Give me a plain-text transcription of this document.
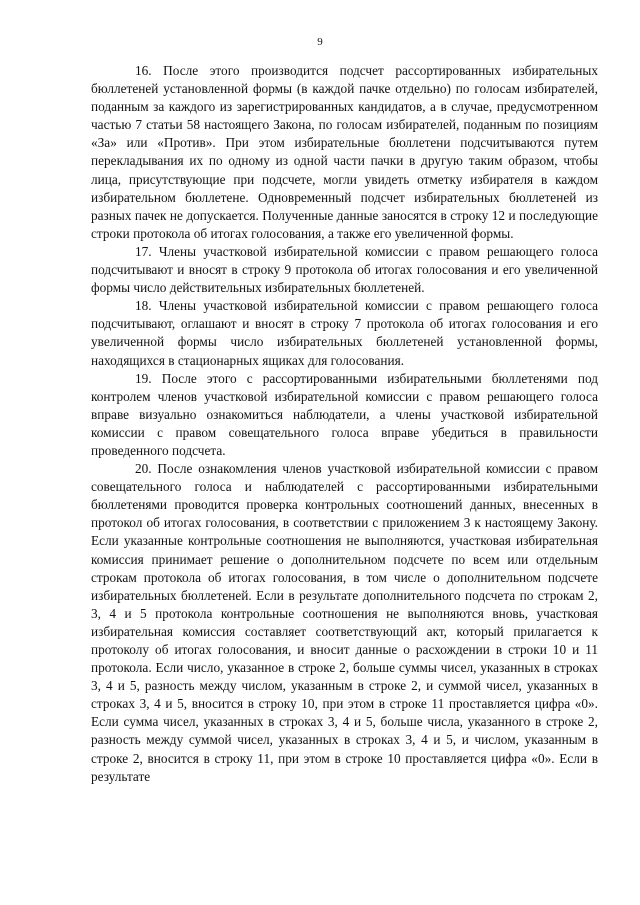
9

16. После этого производится подсчет рассортированных избирательных бюллетеней установленной формы (в каждой пачке отдельно) по голосам избирателей, поданным за каждого из зарегистрированных кандидатов, а в случае, предусмотренном частью 7 статьи 58 настоящего Закона, по голосам избирателей, поданным по позициям «За» или «Против». При этом избирательные бюллетени подсчитываются путем перекладывания их по одному из одной части пачки в другую таким образом, чтобы лица, присутствующие при подсчете, могли увидеть отметку избирателя в каждом избирательном бюллетене. Одновременный подсчет избирательных бюллетеней из разных пачек не допускается. Полученные данные заносятся в строку 12 и последующие строки протокола об итогах голосования, а также его увеличенной формы.

17. Члены участковой избирательной комиссии с правом решающего голоса подсчитывают и вносят в строку 9 протокола об итогах голосования и его увеличенной формы число действительных избирательных бюллетеней.

18. Члены участковой избирательной комиссии с правом решающего голоса подсчитывают, оглашают и вносят в строку 7 протокола об итогах голосования и его увеличенной формы число избирательных бюллетеней установленной формы, находящихся в стационарных ящиках для голосования.

19. После этого с рассортированными избирательными бюллетенями под контролем членов участковой избирательной комиссии с правом решающего голоса вправе визуально ознакомиться наблюдатели, а члены участковой избирательной комиссии с правом совещательного голоса вправе убедиться в правильности проведенного подсчета.

20. После ознакомления членов участковой избирательной комиссии с правом совещательного голоса и наблюдателей с рассортированными избирательными бюллетенями проводится проверка контрольных соотношений данных, внесенных в протокол об итогах голосования, в соответствии с приложением 3 к настоящему Закону. Если указанные контрольные соотношения не выполняются, участковая избирательная комиссия принимает решение о дополнительном подсчете по всем или отдельным строкам протокола об итогах голосования, в том числе о дополнительном подсчете избирательных бюллетеней. Если в результате дополнительного подсчета по строкам 2, 3, 4 и 5 протокола контрольные соотношения не выполняются вновь, участковая избирательная комиссия составляет соответствующий акт, который прилагается к протоколу об итогах голосования, и вносит данные о расхождении в строки 10 и 11 протокола. Если число, указанное в строке 2, больше суммы чисел, указанных в строках 3, 4 и 5, разность между числом, указанным в строке 2, и суммой чисел, указанных в строках 3, 4 и 5, вносится в строку 10, при этом в строке 11 проставляется цифра «0». Если сумма чисел, указанных в строках 3, 4 и 5, больше числа, указанного в строке 2, разность между суммой чисел, указанных в строках 3, 4 и 5, и числом, указанным в строке 2, вносится в строку 11, при этом в строке 10 проставляется цифра «0». Если в результате
